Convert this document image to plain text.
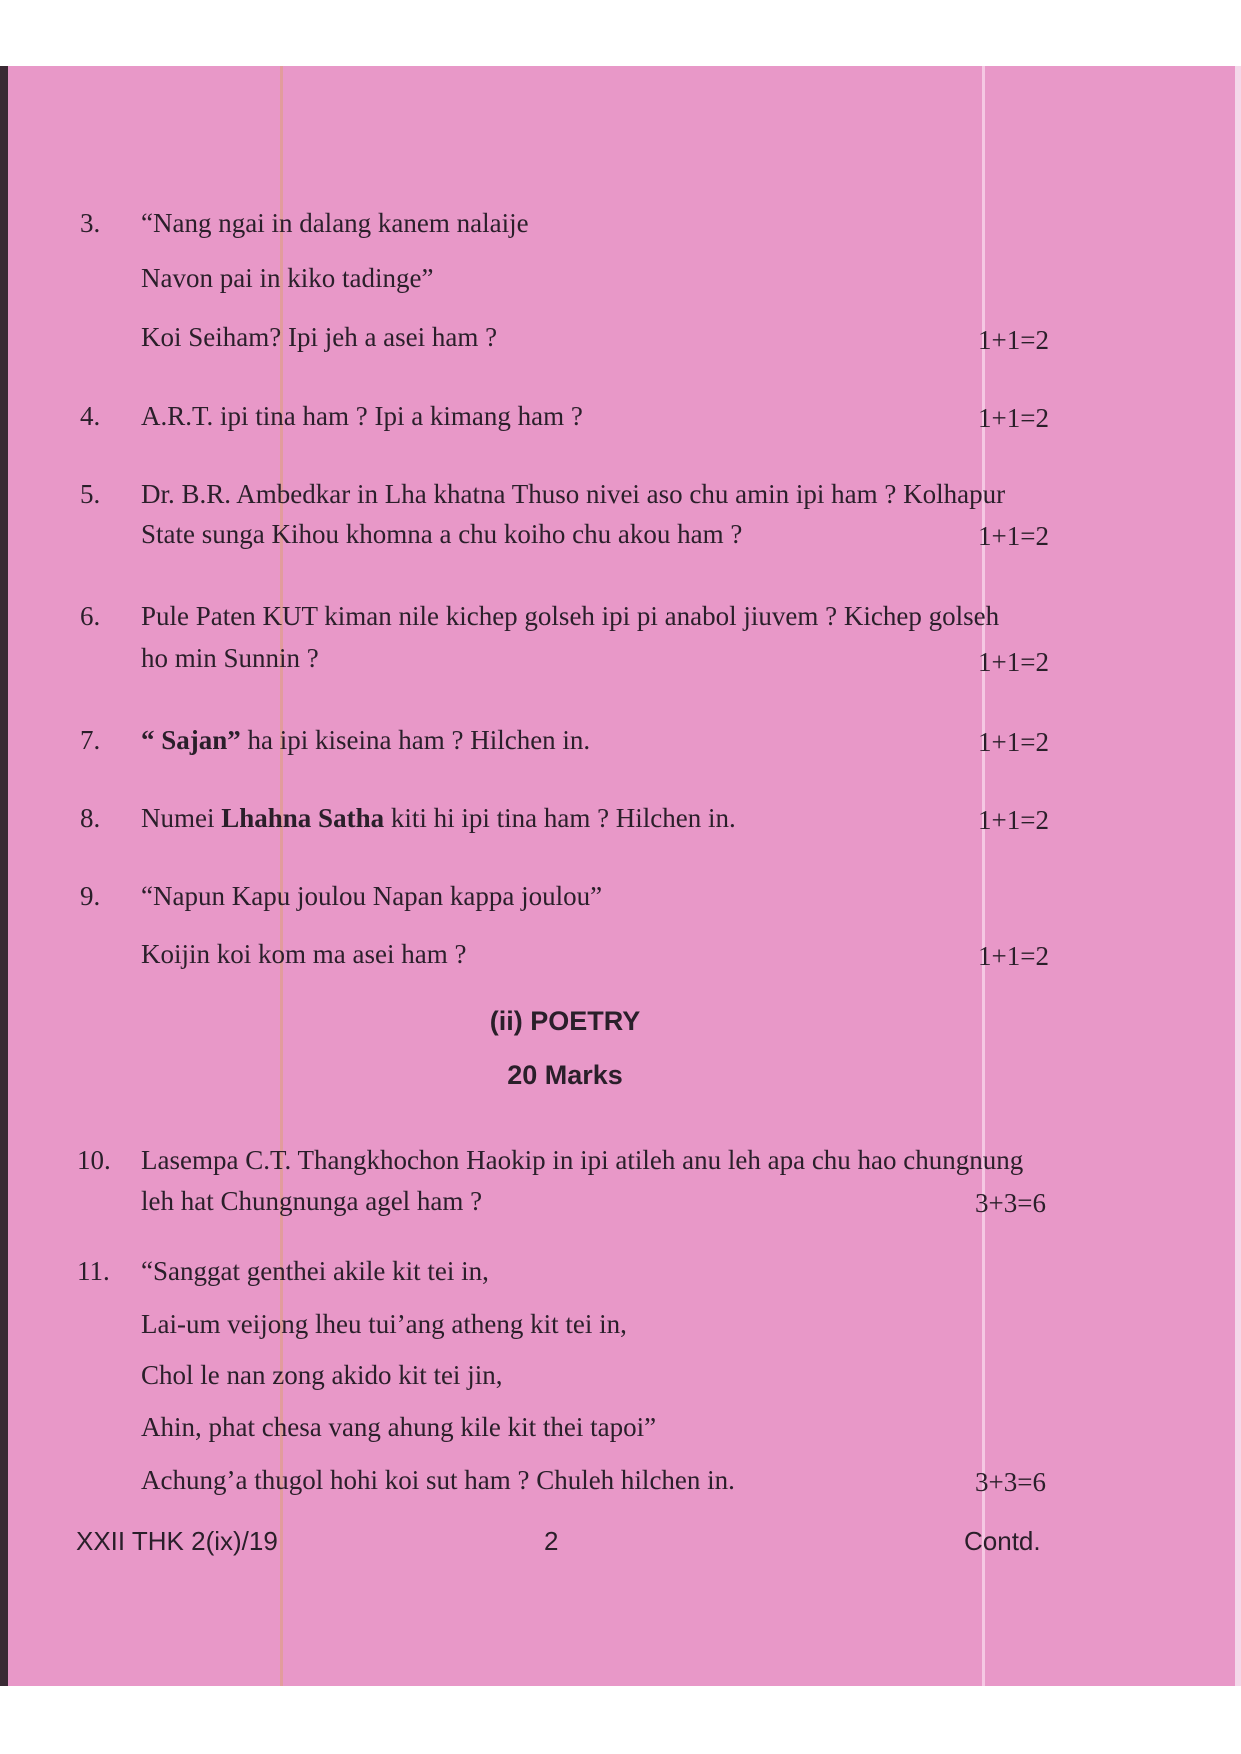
3. “Nang ngai in dalang kanem nalaije
Navon pai in kiko tadinge”
Koi Seiham? Ipi jeh a asei ham ?	1+1=2
4. A.R.T. ipi tina ham ? Ipi a kimang ham ?	1+1=2
5. Dr. B.R. Ambedkar in Lha khatna Thuso nivei aso chu amin ipi ham ? Kolhapur
State sunga Kihou khomna a chu koiho chu akou ham ?	1+1=2
6. Pule Paten KUT kiman nile kichep golseh ipi pi anabol jiuvem ? Kichep golseh
ho min Sunnin ?	1+1=2
7. “ Sajan” ha ipi kiseina ham ? Hilchen in.	1+1=2
8. Numei Lhahna Satha kiti hi ipi tina ham ? Hilchen in.	1+1=2
9. “Napun Kapu joulou Napan kappa joulou”
Koijin koi kom ma asei ham ?	1+1=2
(ii) POETRY
20 Marks
10. Lasempa C.T. Thangkhochon Haokip in ipi atileh anu leh apa chu hao chungnung
leh hat Chungnunga agel ham ?	3+3=6
11. “Sanggat genthei akile kit tei in,
Lai-um veijong lheu tui’ang atheng kit tei in,
Chol le nan zong akido kit tei jin,
Ahin, phat chesa vang ahung kile kit thei tapoi”
Achung’a thugol hohi koi sut ham ? Chuleh hilchen in.	3+3=6
XXII THK 2(ix)/19	2	Contd.
